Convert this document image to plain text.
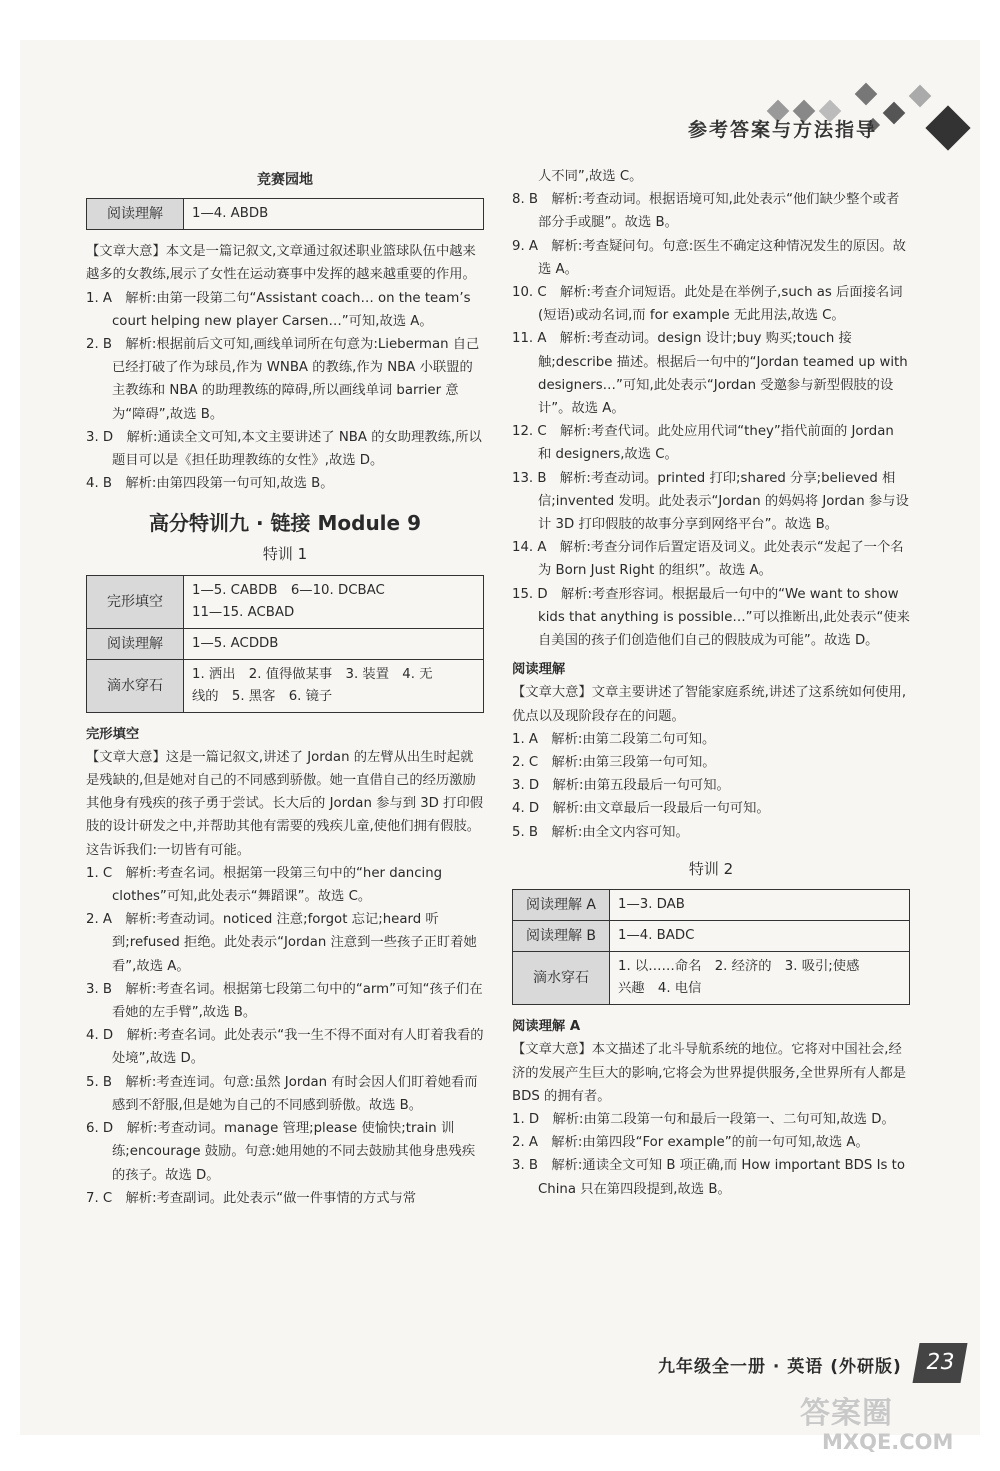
参考答案与方法指导
竞赛园地
阅读理解	1—4. ABDB

【文章大意】本文是一篇记叙文,文章通过叙述职业篮球队伍中越来越多的女教练,展示了女性在运动赛事中发挥的越来越重要的作用。

1. A　解析:由第一段第二句“Assistant coach… on the team’s court helping new player Carsen…”可知,故选 A。

2. B　解析:根据前后文可知,画线单词所在句意为:Lieberman 自己已经打破了作为球员,作为 WNBA 的教练,作为 NBA 小联盟的主教练和 NBA 的助理教练的障碍,所以画线单词 barrier 意为“障碍”,故选 B。

3. D　解析:通读全文可知,本文主要讲述了 NBA 的女助理教练,所以题目可以是《担任助理教练的女性》,故选 D。

4. B　解析:由第四段第一句可知,故选 B。

高分特训九 · 链接 Module 9
特训 1
完形填空	1—5. CABDB　6—10. DCBAC
11—15. ACBAD

阅读理解	1—5. ACDDB

滴水穿石	1. 洒出　2. 值得做某事　3. 装置　4. 无
线的　5. 黑客　6. 镜子

完形填空

【文章大意】这是一篇记叙文,讲述了 Jordan 的左臂从出生时起就是残缺的,但是她对自己的不同感到骄傲。她一直借自己的经历激励其他身有残疾的孩子勇于尝试。长大后的 Jordan 参与到 3D 打印假肢的设计研发之中,并帮助其他有需要的残疾儿童,使他们拥有假肢。这告诉我们:一切皆有可能。

1. C　解析:考查名词。根据第一段第三句中的“her dancing clothes”可知,此处表示“舞蹈课”。故选 C。

2. A　解析:考查动词。noticed 注意;forgot 忘记;heard 听到;refused 拒绝。此处表示“Jordan 注意到一些孩子正盯着她看”,故选 A。

3. B　解析:考查名词。根据第七段第二句中的“arm”可知“孩子们在看她的左手臂”,故选 B。

4. D　解析:考查名词。此处表示“我一生不得不面对有人盯着我看的处境”,故选 D。

5. B　解析:考查连词。句意:虽然 Jordan 有时会因人们盯着她看而感到不舒服,但是她为自己的不同感到骄傲。故选 B。

6. D　解析:考查动词。manage 管理;please 使愉快;train 训练;encourage 鼓励。句意:她用她的不同去鼓励其他身患残疾的孩子。故选 D。

7. C　解析:考查副词。此处表示“做一件事情的方式与常

人不同”,故选 C。

8. B　解析:考查动词。根据语境可知,此处表示“他们缺少整个或者部分手或腿”。故选 B。

9. A　解析:考查疑问句。句意:医生不确定这种情况发生的原因。故选 A。

10. C　解析:考查介词短语。此处是在举例子,such as 后面接名词(短语)或动名词,而 for example 无此用法,故选 C。

11. A　解析:考查动词。design 设计;buy 购买;touch 接触;describe 描述。根据后一句中的“Jordan teamed up with designers…”可知,此处表示“Jordan 受邀参与新型假肢的设计”。故选 A。

12. C　解析:考查代词。此处应用代词“they”指代前面的 Jordan 和 designers,故选 C。

13. B　解析:考查动词。printed 打印;shared 分享;believed 相信;invented 发明。此处表示“Jordan 的妈妈将 Jordan 参与设计 3D 打印假肢的故事分享到网络平台”。故选 B。

14. A　解析:考查分词作后置定语及词义。此处表示“发起了一个名为 Born Just Right 的组织”。故选 A。

15. D　解析:考查形容词。根据最后一句中的“We want to show kids that anything is possible…”可以推断出,此处表示“使来自美国的孩子们创造他们自己的假肢成为可能”。故选 D。

阅读理解

【文章大意】文章主要讲述了智能家庭系统,讲述了这系统如何使用,优点以及现阶段存在的问题。

1. A　解析:由第二段第二句可知。

2. C　解析:由第三段第一句可知。

3. D　解析:由第五段最后一句可知。

4. D　解析:由文章最后一段最后一句可知。

5. B　解析:由全文内容可知。

特训 2
阅读理解 A	1—3. DAB

阅读理解 B	1—4. BADC

滴水穿石	1. 以……命名　2. 经济的　3. 吸引;使感
兴趣　4. 电信

阅读理解 A

【文章大意】本文描述了北斗导航系统的地位。它将对中国社会,经济的发展产生巨大的影响,它将会为世界提供服务,全世界所有人都是 BDS 的拥有者。

1. D　解析:由第二段第一句和最后一段第一、二句可知,故选 D。

2. A　解析:由第四段“For example”的前一句可知,故选 A。

3. B　解析:通读全文可知 B 项正确,而 How important BDS Is to China 只在第四段提到,故选 B。

九年级全一册 · 英语 (外研版)	23
答案圈
MXQE.COM
